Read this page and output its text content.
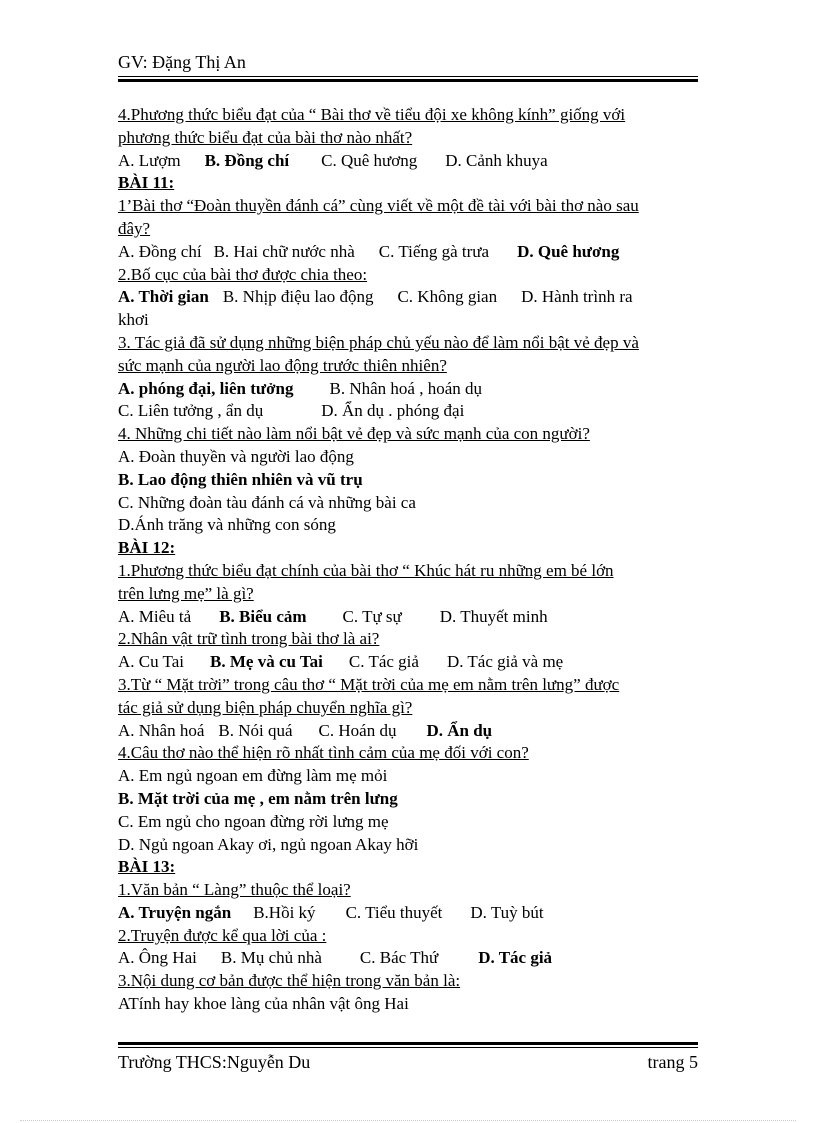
GV: Đặng Thị An
4.Phương thức biểu đạt của “ Bài thơ về tiểu đội xe không kính” giống với
phương thức biểu đạt của bài thơ nào nhất?
A. Lượm B. Đồng chí C. Quê hương D. Cảnh khuya
BÀI 11:
1’Bài thơ “Đoàn thuyền đánh cá” cùng viết về một đề tài với bài thơ nào sau
đây?
A. Đồng chí B. Hai chữ nước nhà C. Tiếng gà trưa D. Quê hương
2.Bố cục của bài thơ được chia theo:
A. Thời gian B. Nhịp điệu lao động C. Không gian D. Hành trình ra
khơi
3. Tác giả đã sử dụng những biện pháp chủ yếu nào để làm nổi bật vẻ đẹp và
sức mạnh của người lao động trước thiên nhiên?
A. phóng đại, liên tưởng B. Nhân hoá , hoán dụ
C. Liên tưởng , ẩn dụ	D. Ẩn dụ . phóng đại
4. Những chi tiết nào làm nổi bật vẻ đẹp và sức mạnh của con người?
A. Đoàn thuyền và người lao động
B. Lao động thiên nhiên và vũ trụ
C. Những đoàn tàu đánh cá và những bài ca
D.Ánh trăng và những con sóng
BÀI 12:
1.Phương thức biểu đạt chính của bài thơ “ Khúc hát ru những em bé lớn
trên lưng mẹ” là gì?
A. Miêu tả B. Biểu cảm C. Tự sự D. Thuyết minh
2.Nhân vật trữ tình trong bài thơ là ai?
A. Cu Tai B. Mẹ và cu Tai C. Tác giả D. Tác giả và mẹ
3.Từ “ Mặt trời” trong câu thơ “ Mặt trời của mẹ em nằm trên lưng” được
tác giả sử dụng biện pháp chuyển nghĩa gì?
A. Nhân hoá B. Nói quá C. Hoán dụ D. Ẩn dụ
4.Câu thơ nào thể hiện rõ nhất tình cảm của mẹ đối với con?
A. Em ngủ ngoan em đừng làm mẹ mỏi
B. Mặt trời của mẹ , em nằm trên lưng
C. Em ngủ cho ngoan đừng rời lưng mẹ
D. Ngủ ngoan Akay ơi, ngủ ngoan Akay hỡi
BÀI 13:
1.Văn bản “ Làng” thuộc thể loại?
A. Truyện ngắn B.Hồi ký C. Tiểu thuyết D. Tuỳ bút
2.Truyện được kể qua lời của :
A. Ông Hai B. Mụ chủ nhà C. Bác Thứ D. Tác giả
3.Nội dung cơ bản được thể hiện trong văn bản là:
ATính hay khoe làng của nhân vật ông Hai
Trường THCS:Nguyễn Du	trang 5
